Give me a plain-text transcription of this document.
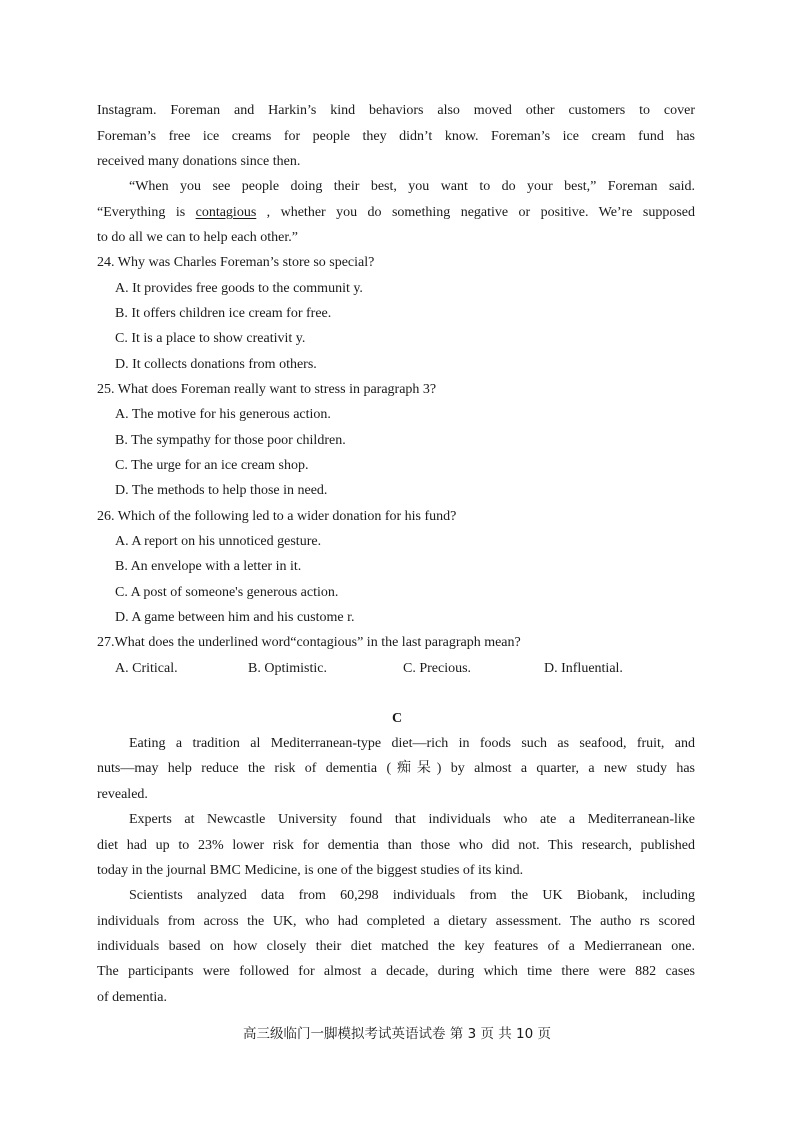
Instagram. Foreman and Harkin’s kind behaviors also moved other customers to cover
Foreman’s free ice creams for people they didn’t know. Foreman’s ice cream fund has
received many donations since then.
“When you see people doing their best, you want to do your best,” Foreman said.
“Everything is contagious , whether you do something negative or positive. We’re supposed
to do all we can to help each other.”
24. Why was Charles Foreman’s store so special?
A. It provides free goods to the communit y.
B. It offers children ice cream for free.
C. It is a place to show creativit y.
D. It collects donations from others.
25. What does Foreman really want to stress in paragraph 3?
A. The motive for his generous action.
B. The sympathy for those poor children.
C. The urge for an ice cream shop.
D. The methods to help those in need.
26. Which of the following led to a wider donation for his fund?
A. A report on his unnoticed gesture.
B. An envelope with a letter in it.
C. A post of someone's generous action.
D. A game between him and his custome r.
27.What does the underlined word“contagious” in the last paragraph mean?
A. Critical.	B. Optimistic.	C. Precious.	D. Influential.
C
Eating a tradition al Mediterranean-type diet—rich in foods such as seafood, fruit, and
nuts—may help reduce the risk of dementia (痴呆) by almost a quarter, a new study has
revealed.
Experts at Newcastle University found that individuals who ate a Mediterranean-like
diet had up to 23% lower risk for dementia than those who did not. This research, published
today in the journal BMC Medicine, is one of the biggest studies of its kind.
Scientists analyzed data from 60,298 individuals from the UK Biobank, including
individuals from across the UK, who had completed a dietary assessment. The autho rs scored
individuals based on how closely their diet matched the key features of a Medierranean one.
The participants were followed for almost a decade, during which time there were 882 cases
of dementia.
高三级临门一脚模拟考试英语试卷 第 3 页 共 10 页
